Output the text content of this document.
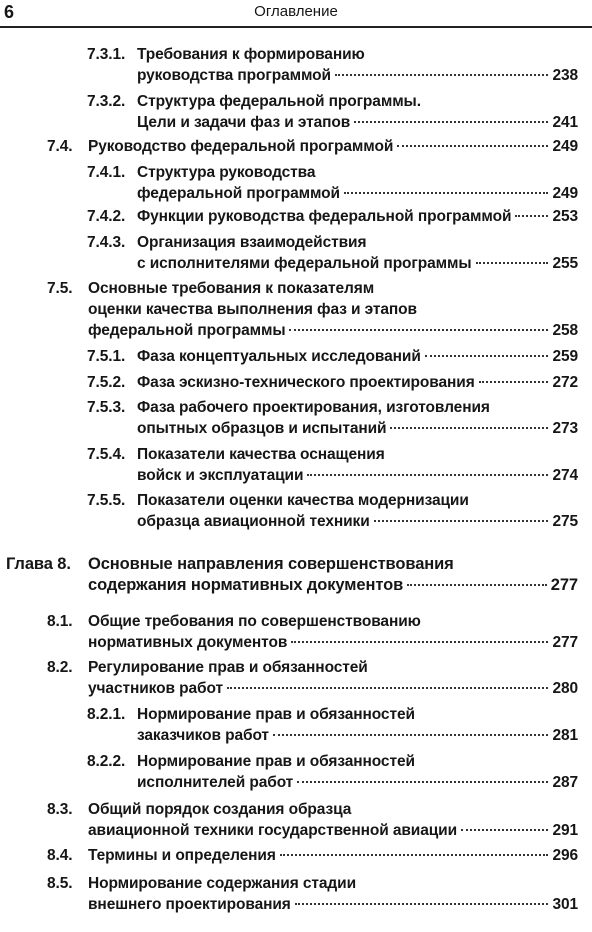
6	Оглавление
7.3.1. Требования к формированию
руководства программой	238
7.3.2. Структура федеральной программы.
Цели и задачи фаз и этапов	241
7.4. Руководство федеральной программой	249
7.4.1. Структура руководства
федеральной программой	249
7.4.2. Функции руководства федеральной программой	253
7.4.3. Организация взаимодействия
с исполнителями федеральной программы	255
7.5. Основные требования к показателям
оценки качества выполнения фаз и этапов
федеральной программы	258
7.5.1. Фаза концептуальных исследований	259
7.5.2. Фаза эскизно-технического проектирования	272
7.5.3. Фаза рабочего проектирования, изготовления
опытных образцов и испытаний	273
7.5.4. Показатели качества оснащения
войск и эксплуатации	274
7.5.5. Показатели оценки качества модернизации
образца авиационной техники	275
Глава 8. Основные направления совершенствования
содержания нормативных документов	277
8.1. Общие требования по совершенствованию
нормативных документов	277
8.2. Регулирование прав и обязанностей
участников работ	280
8.2.1. Нормирование прав и обязанностей
заказчиков работ	281
8.2.2. Нормирование прав и обязанностей
исполнителей работ	287
8.3. Общий порядок создания образца
авиационной техники государственной авиации	291
8.4. Термины и определения	296
8.5. Нормирование содержания стадии
внешнего проектирования	301
